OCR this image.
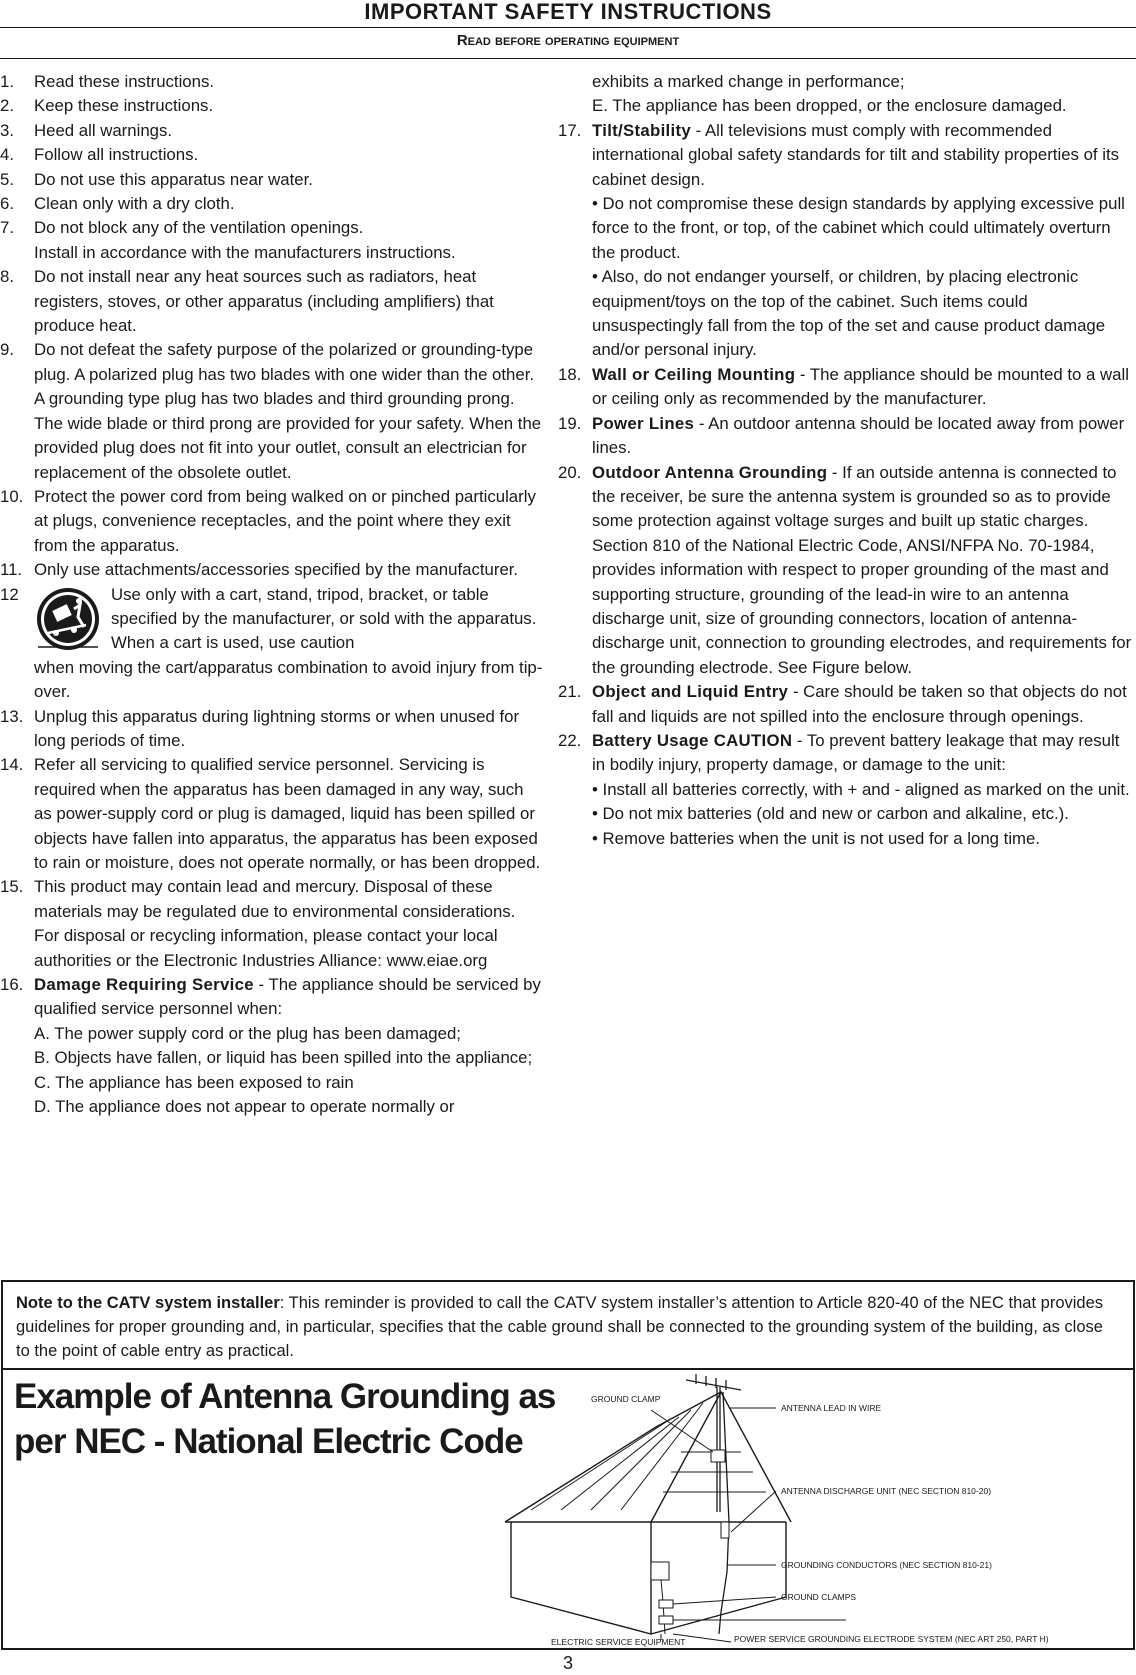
IMPORTANT SAFETY INSTRUCTIONS
Read before operating equipment
1.	Read these instructions.
2.	Keep these instructions.
3.	Heed all warnings.
4.	Follow all instructions.
5.	Do not use this apparatus near water.
6.	Clean only with a dry cloth.
7.	Do not block any of the ventilation openings.

Install in accordance with the manufacturers instructions.

8.	Do not install near any heat sources such as radiators, heat registers, stoves, or other apparatus (including amplifiers) that produce heat.
9.	Do not defeat the safety purpose of the polarized or grounding-type plug. A polarized plug has two blades with one wider than the other. A grounding type plug has two blades and third grounding prong. The wide blade or third prong are provided for your safety. When the provided plug does not fit into your outlet, consult an electrician for replacement of the obsolete outlet.
10. Protect the power cord from being walked on or pinched particularly at plugs, convenience receptacles, and the point where they exit from the apparatus.
11. Only use attachments/accessories specified by the manufacturer.
12	Use only with a cart, stand, tripod, bracket, or table specified by the manufacturer, or sold with the apparatus. When a cart is used, use caution

when moving the cart/apparatus combination to avoid injury from tip-over.

13. Unplug this apparatus during lightning storms or when unused for long periods of time.
14. Refer all servicing to qualified service personnel. Servicing is required when the apparatus has been damaged in any way, such as power-supply cord or plug is damaged, liquid has been spilled or objects have fallen into apparatus, the apparatus has been exposed to rain or moisture, does not operate normally, or has been dropped.
15. This product may contain lead and mercury. Disposal of these materials may be regulated due to environmental considerations. For disposal or recycling information, please contact your local authorities or the Electronic Industries Alliance: www.eiae.org
16. Damage Requiring Service - The appliance should be serviced by qualified service personnel when:

A. The power supply cord or the plug has been damaged;

B. Objects have fallen, or liquid has been spilled into the appliance;

C. The appliance has been exposed to rain

D. The appliance does not appear to operate normally or

exhibits a marked change in performance;

E. The appliance has been dropped, or the enclosure damaged.

17. Tilt/Stability - All televisions must comply with recommended international global safety standards for tilt and stability properties of its cabinet design.

• Do not compromise these design standards by applying excessive pull force to the front, or top, of the cabinet which could ultimately overturn the product.

• Also, do not endanger yourself, or children, by placing electronic equipment/toys on the top of the cabinet. Such items could unsuspectingly fall from the top of the set and cause product damage and/or personal injury.

18. Wall or Ceiling Mounting - The appliance should be mounted to a wall or ceiling only as recommended by the manufacturer.

19. Power Lines - An outdoor antenna should be located away from power lines.

20. Outdoor Antenna Grounding - If an outside antenna is connected to the receiver, be sure the antenna system is grounded so as to provide some protection against voltage surges and built up static charges.

Section 810 of the National Electric Code, ANSI/NFPA No. 70-1984, provides information with respect to proper grounding of the mast and supporting structure, grounding of the lead-in wire to an antenna discharge unit, size of grounding connectors, location of antenna-discharge unit, connection to grounding electrodes, and requirements for the grounding electrode. See Figure below.

21. Object and Liquid Entry - Care should be taken so that objects do not fall and liquids are not spilled into the enclosure through openings.

22. Battery Usage CAUTION - To prevent battery leakage that may result in bodily injury, property damage, or damage to the unit:

• Install all batteries correctly, with + and - aligned as marked on the unit.

• Do not mix batteries (old and new or carbon and alkaline, etc.).

• Remove batteries when the unit is not used for a long time.

Note to the CATV system installer: This reminder is provided to call the CATV system installer’s attention to Article 820-40 of the NEC that provides guidelines for proper grounding and, in particular, specifies that the cable ground shall be connected to the grounding system of the building, as close to the point of cable entry as practical.
Example of Antenna Grounding as
per NEC - National Electric Code
GROUND CLAMP
ANTENNA LEAD IN WIRE
ANTENNA DISCHARGE UNIT (NEC SECTION 810-20)
GROUNDING CONDUCTORS (NEC SECTION 810-21)
GROUND CLAMPS
ELECTRIC SERVICE EQUIPMENT	POWER SERVICE GROUNDING ELECTRODE SYSTEM (NEC ART 250, PART H)
3
